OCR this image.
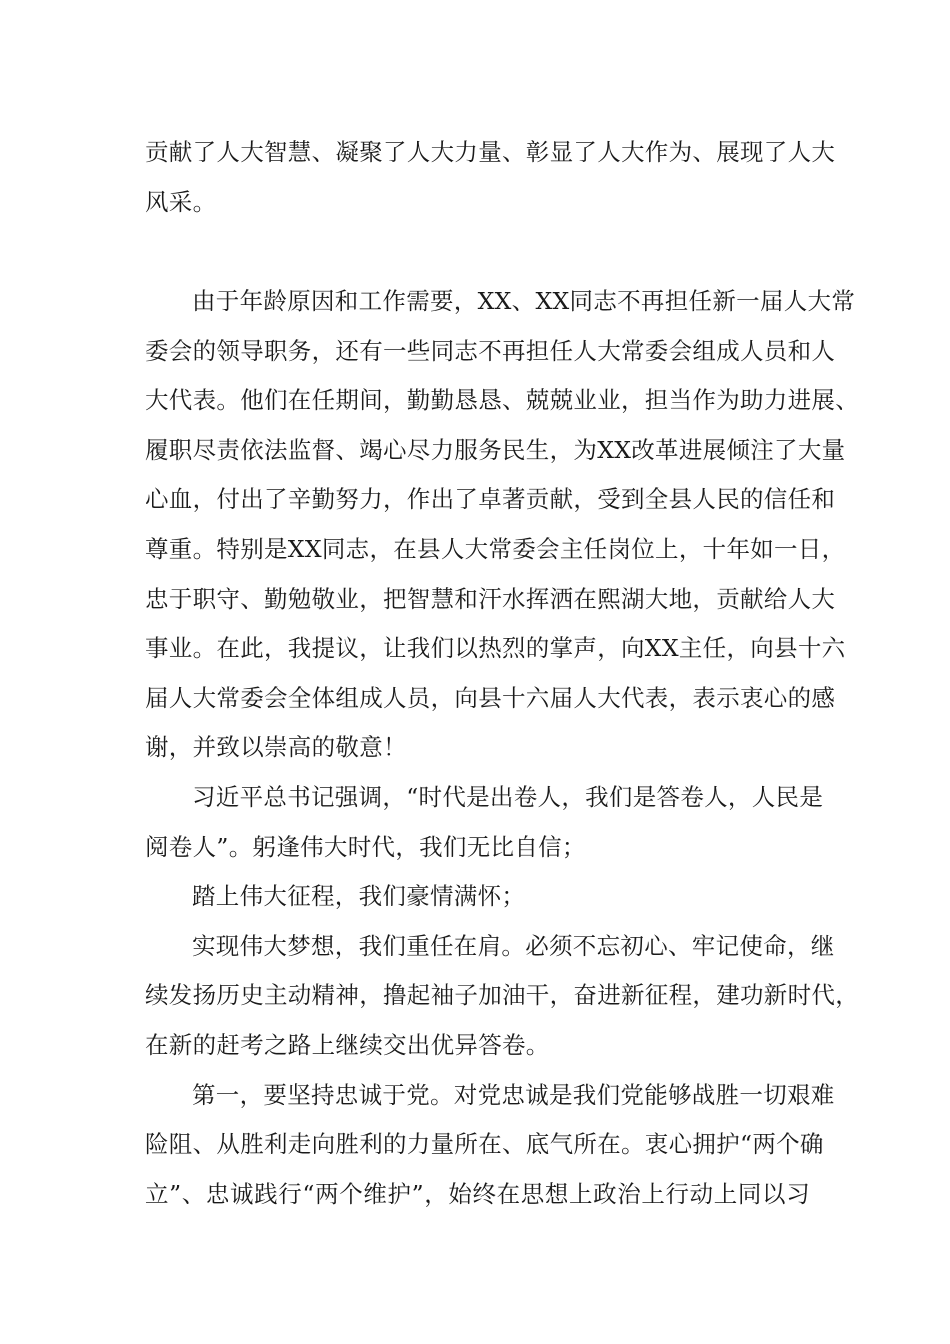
贡献了人大智慧、凝聚了人大力量、彰显了人大作为、展现了人大
风采。
由于年龄原因和工作需要，XX、XX同志不再担任新一届人大常
委会的领导职务，还有一些同志不再担任人大常委会组成人员和人
大代表。他们在任期间，勤勤恳恳、兢兢业业，担当作为助力进展、
履职尽责依法监督、竭心尽力服务民生，为XX改革进展倾注了大量
心血，付出了辛勤努力，作出了卓著贡献，受到全县人民的信任和
尊重。特别是XX同志，在县人大常委会主任岗位上，十年如一日，
忠于职守、勤勉敬业，把智慧和汗水挥洒在熙湖大地，贡献给人大
事业。在此，我提议，让我们以热烈的掌声，向XX主任，向县十六
届人大常委会全体组成人员，向县十六届人大代表，表示衷心的感
谢，并致以崇高的敬意！
习近平总书记强调，“时代是出卷人，我们是答卷人，人民是
阅卷人”。躬逢伟大时代，我们无比自信；
踏上伟大征程，我们豪情满怀；
实现伟大梦想，我们重任在肩。必须不忘初心、牢记使命，继
续发扬历史主动精神，撸起袖子加油干，奋进新征程，建功新时代，
在新的赶考之路上继续交出优异答卷。
第一，要坚持忠诚于党。对党忠诚是我们党能够战胜一切艰难
险阻、从胜利走向胜利的力量所在、底气所在。衷心拥护“两个确
立”、忠诚践行“两个维护”，始终在思想上政治上行动上同以习
